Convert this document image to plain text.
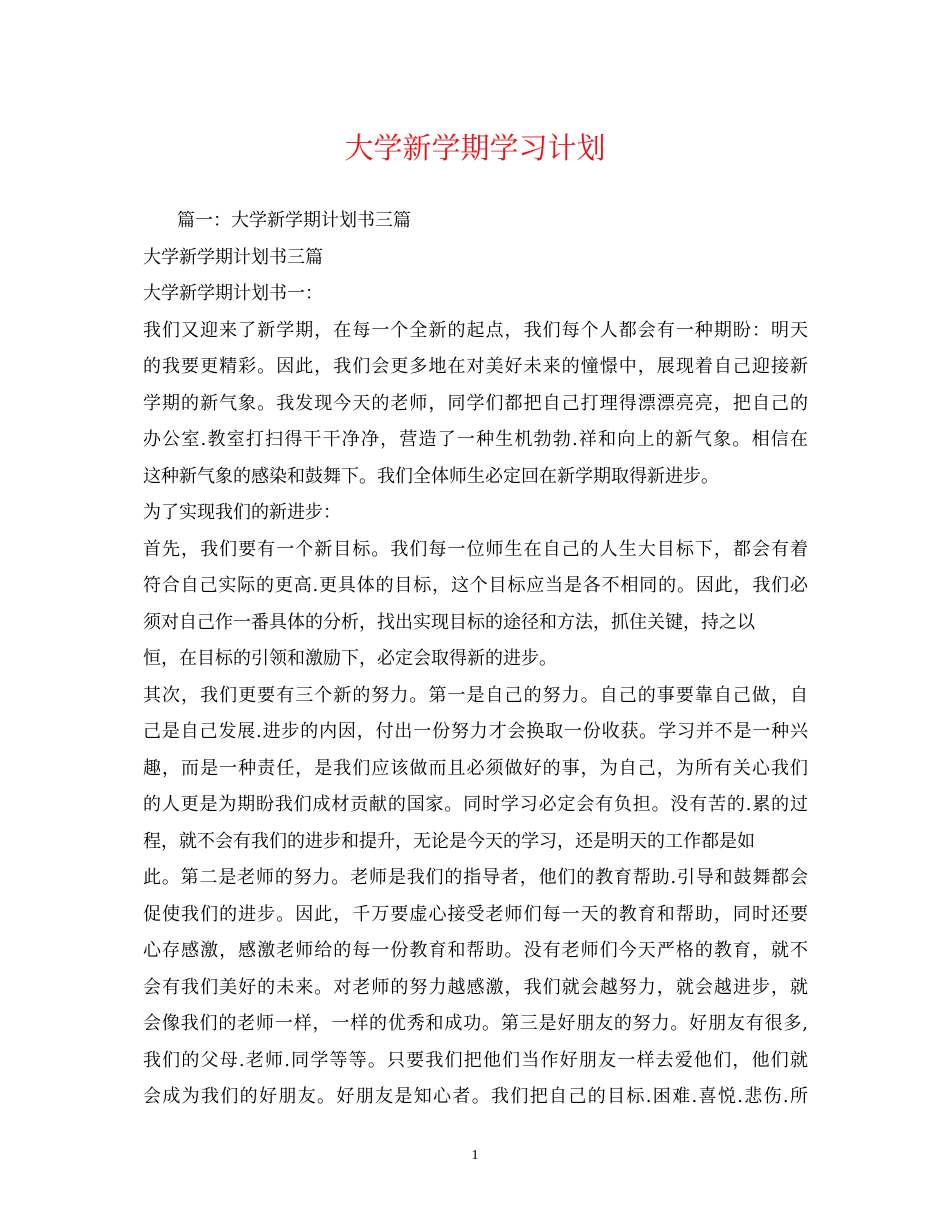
大学新学期学习计划
篇一：大学新学期计划书三篇
大学新学期计划书三篇
大学新学期计划书一：
我们又迎来了新学期，在每一个全新的起点，我们每个人都会有一种期盼：明天
的我要更精彩。因此，我们会更多地在对美好未来的憧憬中，展现着自己迎接新
学期的新气象。我发现今天的老师，同学们都把自己打理得漂漂亮亮，把自己的
办公室.教室打扫得干干净净，营造了一种生机勃勃.祥和向上的新气象。相信在
这种新气象的感染和鼓舞下。我们全体师生必定回在新学期取得新进步。
为了实现我们的新进步：
首先，我们要有一个新目标。我们每一位师生在自己的人生大目标下，都会有着
符合自己实际的更高.更具体的目标，这个目标应当是各不相同的。因此，我们必
须对自己作一番具体的分析，找出实现目标的途径和方法，抓住关键，持之以
恒，在目标的引领和激励下，必定会取得新的进步。
其次，我们更要有三个新的努力。第一是自己的努力。自己的事要靠自己做，自
己是自己发展.进步的内因，付出一份努力才会换取一份收获。学习并不是一种兴
趣，而是一种责任，是我们应该做而且必须做好的事，为自己，为所有关心我们
的人更是为期盼我们成材贡献的国家。同时学习必定会有负担。没有苦的.累的过
程，就不会有我们的进步和提升，无论是今天的学习，还是明天的工作都是如
此。第二是老师的努力。老师是我们的指导者，他们的教育帮助.引导和鼓舞都会
促使我们的进步。因此，千万要虚心接受老师们每一天的教育和帮助，同时还要
心存感激，感激老师给的每一份教育和帮助。没有老师们今天严格的教育，就不
会有我们美好的未来。对老师的努力越感激，我们就会越努力，就会越进步，就
会像我们的老师一样，一样的优秀和成功。第三是好朋友的努力。好朋友有很多,
我们的父母.老师.同学等等。只要我们把他们当作好朋友一样去爱他们，他们就
会成为我们的好朋友。好朋友是知心者。我们把自己的目标.困难.喜悦.悲伤.所
1
